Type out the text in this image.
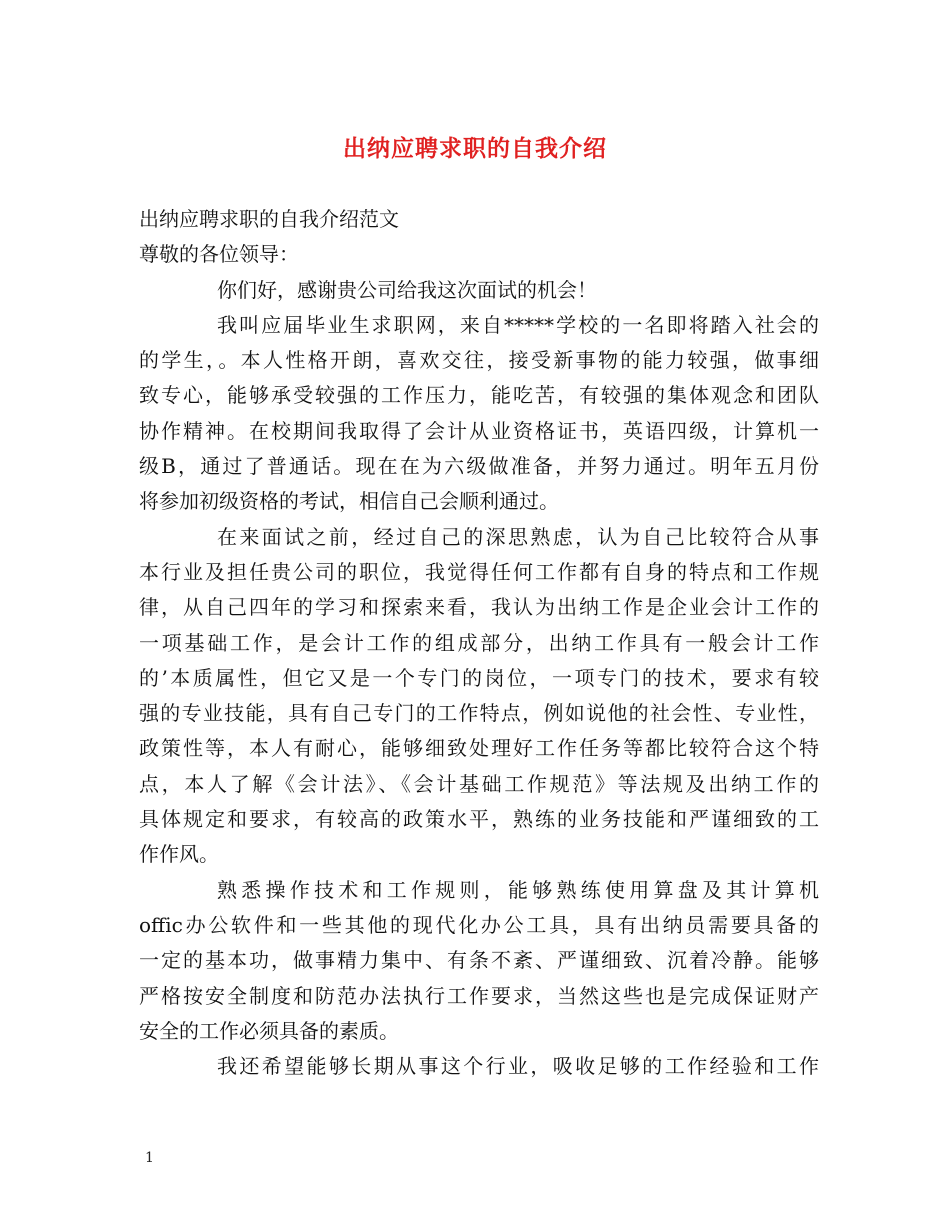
出纳应聘求职的自我介绍

出纳应聘求职的自我介绍范文

尊敬的各位领导：

你们好，感谢贵公司给我这次面试的机会！

我叫应届毕业生求职网，来自*****学校的一名即将踏入社会的

的学生，。本人性格开朗，喜欢交往，接受新事物的能力较强，做事细

致专心，能够承受较强的工作压力，能吃苦，有较强的集体观念和团队

协作精神。在校期间我取得了会计从业资格证书，英语四级，计算机一

级B，通过了普通话。现在在为六级做准备，并努力通过。明年五月份

将参加初级资格的考试，相信自己会顺利通过。

在来面试之前，经过自己的深思熟虑，认为自己比较符合从事

本行业及担任贵公司的职位，我觉得任何工作都有自身的特点和工作规

律，从自己四年的学习和探索来看，我认为出纳工作是企业会计工作的

一项基础工作，是会计工作的组成部分，出纳工作具有一般会计工作

的’本质属性，但它又是一个专门的岗位，一项专门的技术，要求有较

强的专业技能，具有自己专门的工作特点，例如说他的社会性、专业性，

政策性等，本人有耐心，能够细致处理好工作任务等都比较符合这个特

点，本人了解《会计法》、《会计基础工作规范》等法规及出纳工作的

具体规定和要求，有较高的政策水平，熟练的业务技能和严谨细致的工

作作风。

熟悉操作技术和工作规则，能够熟练使用算盘及其计算机

offic办公软件和一些其他的现代化办公工具，具有出纳员需要具备的

一定的基本功，做事精力集中、有条不紊、严谨细致、沉着冷静。能够

严格按安全制度和防范办法执行工作要求，当然这些也是完成保证财产

安全的工作必须具备的素质。

我还希望能够长期从事这个行业，吸收足够的工作经验和工作

1
